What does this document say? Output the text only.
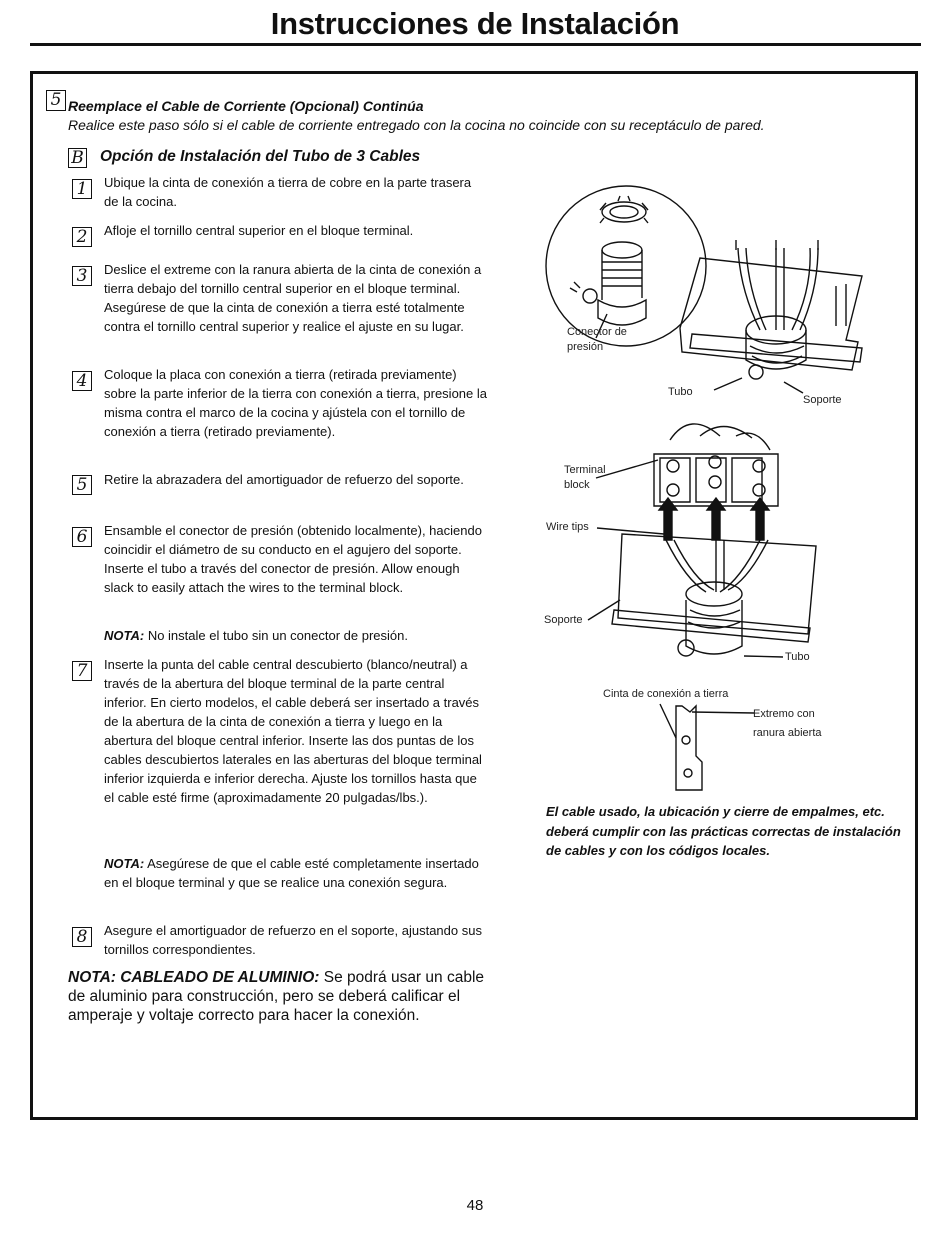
Instrucciones de Instalación
5 Reemplace el Cable de Corriente (Opcional) Continúa
Realice este paso sólo si el cable de corriente entregado con la cocina no coincide con su receptáculo de pared.
B Opción de Instalación del Tubo de 3 Cables
1	Ubique la cinta de conexión a tierra de cobre en la parte trasera de la cocina.
2	Afloje el tornillo central superior en el bloque terminal.
3	Deslice el extreme con la ranura abierta de la cinta de conexión a tierra debajo del tornillo central superior en el bloque terminal. Asegúrese de que la cinta de conexión a tierra esté totalmente contra el tornillo central superior y realice el ajuste en su lugar.
4	Coloque la placa con conexión a tierra (retirada previamente) sobre la parte inferior de la tierra con conexión a tierra, presione la misma contra el marco de la cocina y ajústela con el tornillo de conexión a tierra (retirado previamente).
5	Retire la abrazadera del amortiguador de refuerzo del soporte.
6	Ensamble el conector de presión (obtenido localmente), haciendo coincidir el diámetro de su conducto en el agujero del soporte. Inserte el tubo a través del conector de presión. Allow enough slack to easily attach the wires to the terminal block.
NOTA: No instale el tubo sin un conector de presión.
7	Inserte la punta del cable central descubierto (blanco/neutral) a través de la abertura del bloque terminal de la parte central inferior. En cierto modelos, el cable deberá ser insertado a través de la abertura de la cinta de conexión a tierra y luego en la abertura del bloque central inferior. Inserte las dos puntas de los cables descubiertos laterales en las aberturas del bloque terminal inferior izquierda e inferior derecha. Ajuste los tornillos hasta que el cable esté firme (aproximadamente 20 pulgadas/lbs.).
NOTA: Asegúrese de que el cable esté completamente insertado en el bloque terminal y que se realice una conexión segura.
8	Asegure el amortiguador de refuerzo en el soporte, ajustando sus tornillos correspondientes.
NOTA: CABLEADO DE ALUMINIO: Se podrá usar un cable de aluminio para construcción, pero se deberá calificar el amperaje y voltaje correcto para hacer la conexión.
Conector de presión
Tubo
Soporte
Terminal block
Wire tips
Soporte
Tubo
Cinta de conexión a tierra
Extremo con ranura abierta
El cable usado, la ubicación y cierre de empalmes, etc. deberá cumplir con las prácticas correctas de instalación de cables y con los códigos locales.
48
